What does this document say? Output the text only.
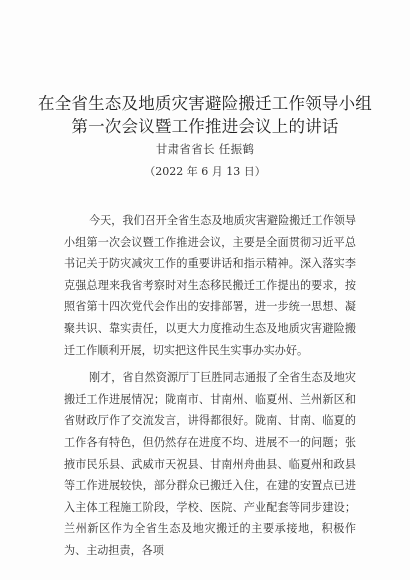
在全省生态及地质灾害避险搬迁工作领导小组
第一次会议暨工作推进会议上的讲话
甘肃省省长 任振鹤
（2022 年 6 月 13 日）

今天，我们召开全省生态及地质灾害避险搬迁工作领导小组第一次会议暨工作推进会议，主要是全面贯彻习近平总书记关于防灾减灾工作的重要讲话和指示精神。深入落实李克强总理来我省考察时对生态移民搬迁工作提出的要求，按照省第十四次党代会作出的安排部署，进一步统一思想、凝聚共识、靠实责任，以更大力度推动生态及地质灾害避险搬迁工作顺利开展，切实把这件民生实事办实办好。

刚才，省自然资源厅丁巨胜同志通报了全省生态及地灾搬迁工作进展情况；陇南市、甘南州、临夏州、兰州新区和省财政厅作了交流发言，讲得都很好。陇南、甘南、临夏的工作各有特色，但仍然存在进度不均、进展不一的问题；张掖市民乐县、武威市天祝县、甘南州舟曲县、临夏州和政县等工作进展较快，部分群众已搬迁入住，在建的安置点已进入主体工程施工阶段，学校、医院、产业配套等同步建设；兰州新区作为全省生态及地灾搬迁的主要承接地，积极作为、主动担责，各项
